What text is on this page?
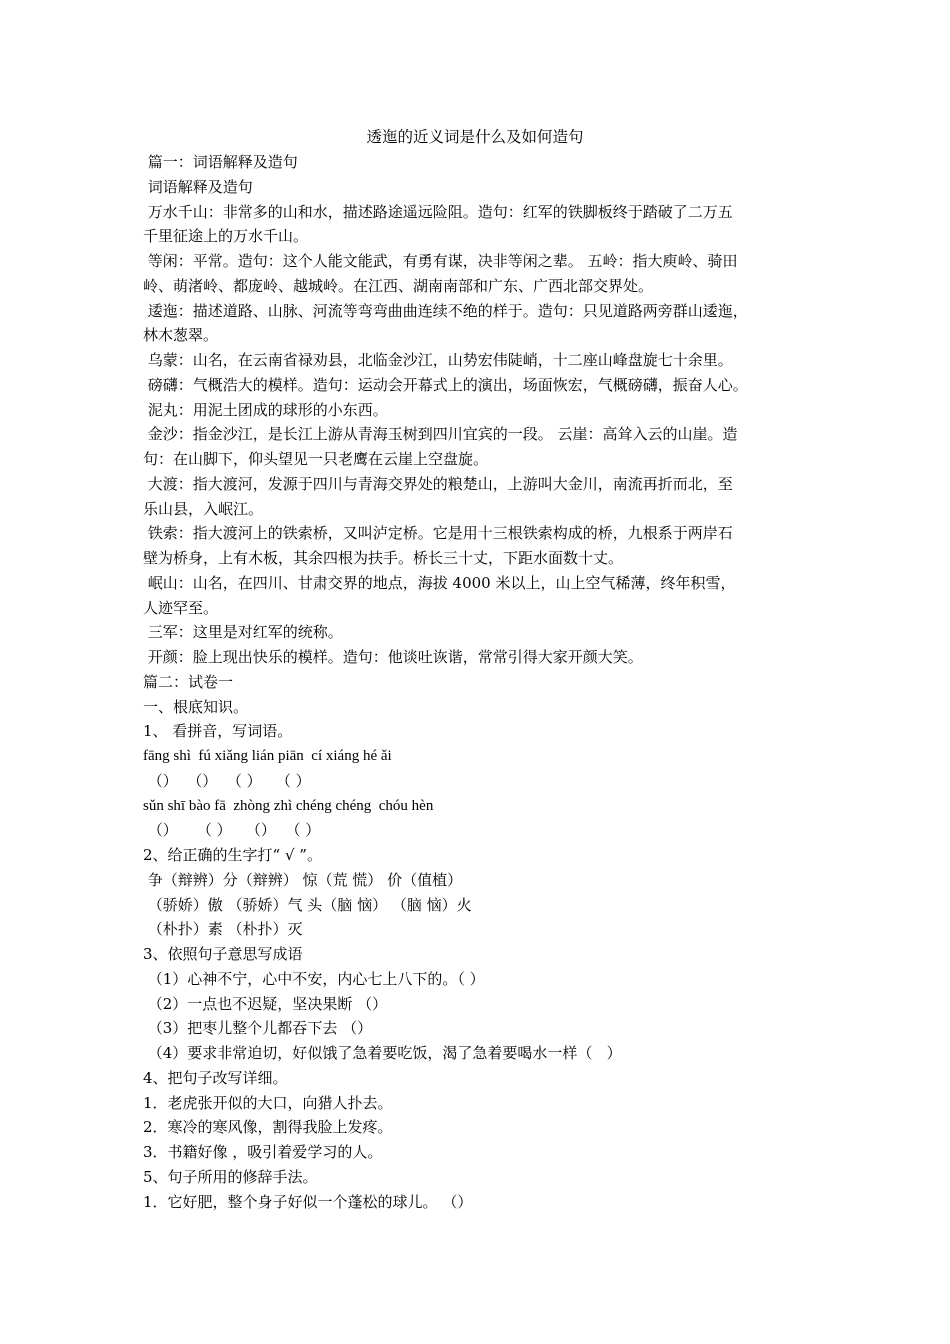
透迤的近义词是什么及如何造句
篇一：词语解释及造句
词语解释及造句
万水千山：非常多的山和水，描述路途遥远险阻。造句：红军的铁脚板终于踏破了二万五
千里征途上的万水千山。
等闲：平常。造句：这个人能文能武，有勇有谋，决非等闲之辈。 五岭：指大庾岭、骑田
岭、萌渚岭、都庞岭、越城岭。在江西、湖南南部和广东、广西北部交界处。
逶迤：描述道路、山脉、河流等弯弯曲曲连续不绝的样于。造句：只见道路两旁群山逶迤，
林木葱翠。
乌蒙：山名，在云南省禄劝县，北临金沙江，山势宏伟陡峭，十二座山峰盘旋七十余里。
磅礴：气概浩大的模样。造句：运动会开幕式上的演出，场面恢宏，气概磅礴，振奋人心。
泥丸：用泥土团成的球形的小东西。
金沙：指金沙江，是长江上游从青海玉树到四川宜宾的一段。 云崖：高耸入云的山崖。造
句：在山脚下，仰头望见一只老鹰在云崖上空盘旋。
大渡：指大渡河，发源于四川与青海交界处的粮楚山，上游叫大金川，南流再折而北，至
乐山县，入岷江。
铁索：指大渡河上的铁索桥，又叫泸定桥。它是用十三根铁索构成的桥，九根系于两岸石
壁为桥身，上有木板，其余四根为扶手。桥长三十丈，下距水面数十丈。
岷山：山名，在四川、甘肃交界的地点，海拔 4000 米以上，山上空气稀薄，终年积雪，
人迹罕至。
三军：这里是对红军的统称。
开颜：脸上现出快乐的模样。造句：他谈吐诙谐，常常引得大家开颜大笑。
篇二：试卷一
一、根底知识。
1、 看拼音，写词语。
fāng shì  fú xiǎng lián piān  cí xiáng hé ǎi
（）  （）  （ ）   （ ）
sǔn shī bào fā  zhòng zhì chéng chéng  chóu hèn
（）    （ ）   （）  （ ）
2、给正确的生字打“ √ ”。
争（辩辨）分（辩辨） 惊（荒 慌） 价（值植）
（骄娇）傲 （骄娇）气 头（脑 恼） （脑 恼）火
（朴扑）素 （朴扑）灭
3、依照句子意思写成语
（1）心神不宁，心中不安，内心七上八下的。（ ）
（2）一点也不迟疑，坚决果断 （）
（3）把枣儿整个儿都吞下去 （）
（4）要求非常迫切，好似饿了急着要吃饭，渴了急着要喝水一样（   ）
4、把句子改写详细。
1．老虎张开似的大口，向猎人扑去。
2．寒冷的寒风像，割得我脸上发疼。
3．书籍好像 ，吸引着爱学习的人。
5、句子所用的修辞手法。
1．它好肥，整个身子好似一个蓬松的球儿。 （）
